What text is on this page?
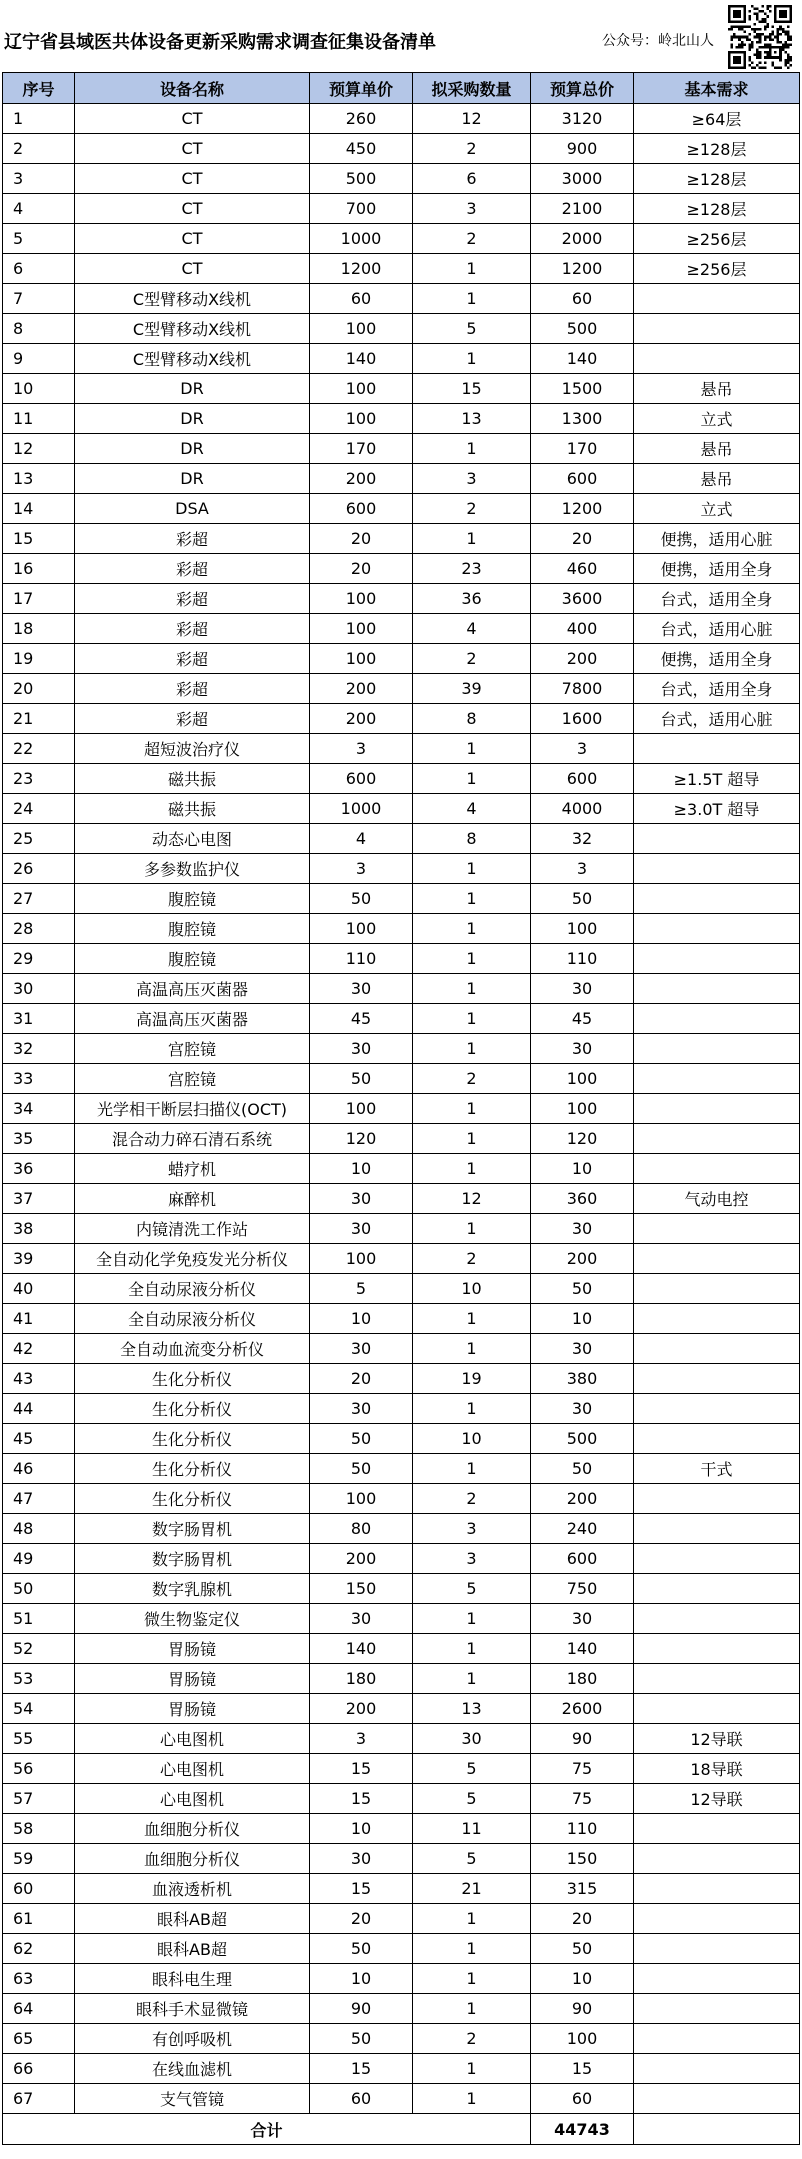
辽宁省县域医共体设备更新采购需求调查征集设备清单	公众号：岭北山人
序号	设备名称	预算单价	拟采购数量	预算总价	基本需求
1	CT	260	12	3120	≥64层
2	CT	450	2	900	≥128层
3	CT	500	6	3000	≥128层
4	CT	700	3	2100	≥128层
5	CT	1000	2	2000	≥256层
6	CT	1200	1	1200	≥256层
7	C型臂移动X线机	60	1	60	
8	C型臂移动X线机	100	5	500	
9	C型臂移动X线机	140	1	140	
10	DR	100	15	1500	悬吊
11	DR	100	13	1300	立式
12	DR	170	1	170	悬吊
13	DR	200	3	600	悬吊
14	DSA	600	2	1200	立式
15	彩超	20	1	20	便携，适用心脏
16	彩超	20	23	460	便携，适用全身
17	彩超	100	36	3600	台式，适用全身
18	彩超	100	4	400	台式，适用心脏
19	彩超	100	2	200	便携，适用全身
20	彩超	200	39	7800	台式，适用全身
21	彩超	200	8	1600	台式，适用心脏
22	超短波治疗仪	3	1	3	
23	磁共振	600	1	600	≥1.5T 超导
24	磁共振	1000	4	4000	≥3.0T 超导
25	动态心电图	4	8	32	
26	多参数监护仪	3	1	3	
27	腹腔镜	50	1	50	
28	腹腔镜	100	1	100	
29	腹腔镜	110	1	110	
30	高温高压灭菌器	30	1	30	
31	高温高压灭菌器	45	1	45	
32	宫腔镜	30	1	30	
33	宫腔镜	50	2	100	
34	光学相干断层扫描仪(OCT)	100	1	100	
35	混合动力碎石清石系统	120	1	120	
36	蜡疗机	10	1	10	
37	麻醉机	30	12	360	气动电控
38	内镜清洗工作站	30	1	30	
39	全自动化学免疫发光分析仪	100	2	200	
40	全自动尿液分析仪	5	10	50	
41	全自动尿液分析仪	10	1	10	
42	全自动血流变分析仪	30	1	30	
43	生化分析仪	20	19	380	
44	生化分析仪	30	1	30	
45	生化分析仪	50	10	500	
46	生化分析仪	50	1	50	干式
47	生化分析仪	100	2	200	
48	数字肠胃机	80	3	240	
49	数字肠胃机	200	3	600	
50	数字乳腺机	150	5	750	
51	微生物鉴定仪	30	1	30	
52	胃肠镜	140	1	140	
53	胃肠镜	180	1	180	
54	胃肠镜	200	13	2600	
55	心电图机	3	30	90	12导联
56	心电图机	15	5	75	18导联
57	心电图机	15	5	75	12导联
58	血细胞分析仪	10	11	110	
59	血细胞分析仪	30	5	150	
60	血液透析机	15	21	315	
61	眼科AB超	20	1	20	
62	眼科AB超	50	1	50	
63	眼科电生理	10	1	10	
64	眼科手术显微镜	90	1	90	
65	有创呼吸机	50	2	100	
66	在线血滤机	15	1	15	
67	支气管镜	60	1	60	
合计				44743	
